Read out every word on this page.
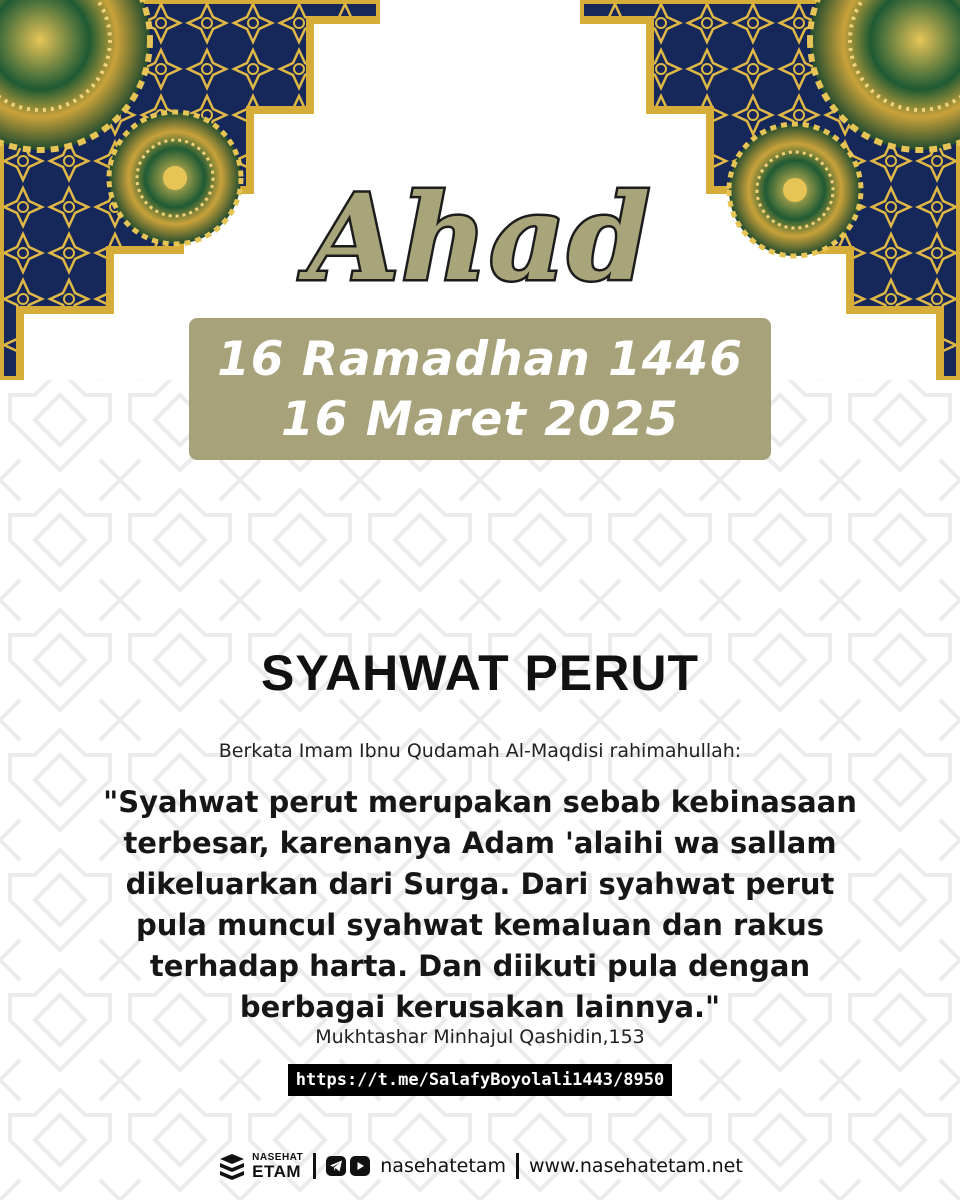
Ahad
16 Ramadhan 1446
16 Maret 2025
SYAHWAT PERUT
Berkata Imam Ibnu Qudamah Al-Maqdisi rahimahullah:
"Syahwat perut merupakan sebab kebinasaan
terbesar, karenanya Adam 'alaihi wa sallam
dikeluarkan dari Surga. Dari syahwat perut
pula muncul syahwat kemaluan dan rakus
terhadap harta. Dan diikuti pula dengan
berbagai kerusakan lainnya."
Mukhtashar Minhajul Qashidin,153
https://t.me/SalafyBoyolali1443/8950
NASEHAT
ETAM	nasehatetam www.nasehatetam.net
